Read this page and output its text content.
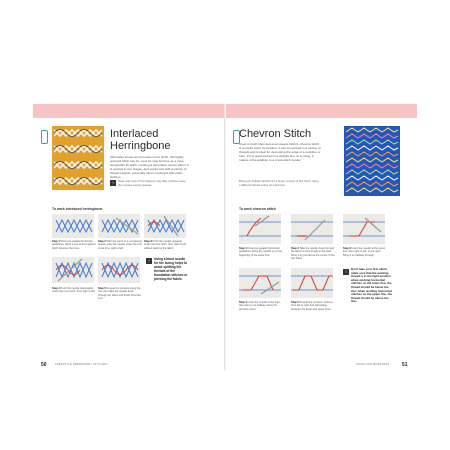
Interlaced
Herringbone
Otherwise known as Armenian cross stitch, this tightly textured stitch can be used for vast borders as a more acceptable fill stitch, creating a decorative woven effect. It is worked in two stages, and works well with a variety of thread weights, especially when combined with other stitches.
!	Neat, tidy rows of herringbone may take practice; keep the crosses evenly spaced.
To work interlaced herringbone
Step 1 Work two parallel horizontal guidelines. Work a row of herringbone stitch between the lines.
Step 2 With the same or a contrasting thread, pass the needle under the first cross from right to left.
Step 3 Push the needle upwards under the first stitch, then right to left, without piercing the fabric.
!	Using a blunt needle for the lacing helps to avoid splitting the threads of the foundation stitches or piercing the fabric.
Step 4 Push the needle downwards under the next stitch, from right to left.
Step 5 Repeat the process along the row, then take the needle down through the fabric and finish off at the end.
50	FREESTYLE EMBROIDERY STITCHES
Chevron Stitch
Used on both plain and even-weave fabrics, chevron stitch is a useful stitch for borders. It can be worked in a variety of threads and is ideal for decorating the edge of a neckline or hem. If it is used worked in a straight line on a ruling, it makes a fine addition to a cross-stitch border.
Bring out multiple stitches for a larger version of this stitch, using a different thread colour for each row.
To work chevron stitch
Step 1 Draw two parallel horizontal guidelines. Bring the needle up at the beginning of the lower line.
Step 2 Take the needle down through the fabric a short length to the right. Bring it up just above the centre of the first stitch.
Step 3 Insert the needle to the upper line, then right to left, to the right. Bring it up halfway through.
!	Don't take your first stitch, make sure that the working thread is in the right position when working horizontal stitches on the lower line, the thread should be below the line; when working horizontal stitches on the upper line, the thread should be above the line.
Step 4 Insert the needle to the right, then bring it up halfway along the previous stitch.
Step 5 Repeat the process, working from left to right and alternating between the lower and upper lines.
SIGNS AND WORKSETS	51
